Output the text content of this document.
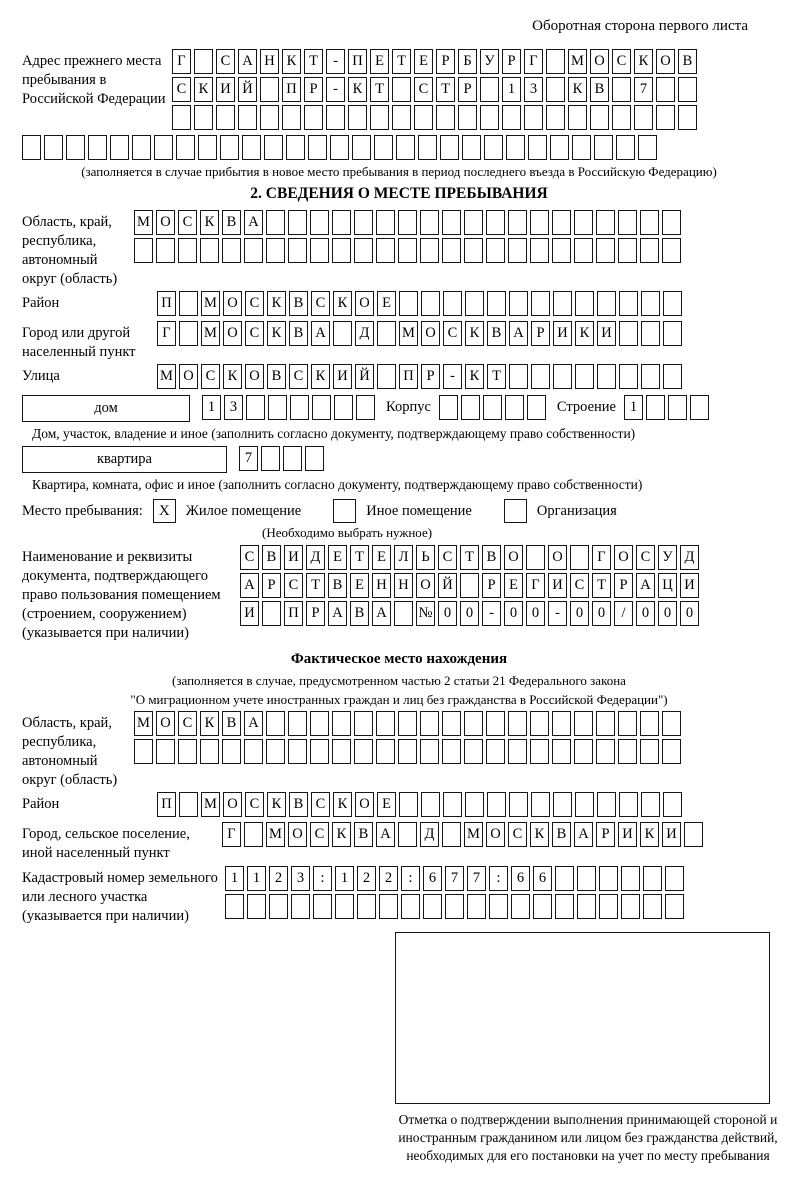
Оборотная сторона первого листа
Адрес прежнего места пребывания в Российской Федерации
Г	С А Н К Т	- П Е Т Е Р Б У Р Г	М О С К О В
С К И Й П Р	-	К Т	С Т Р	1	3	К В	7
(заполняется в случае прибытия в новое место пребывания в период последнего въезда в Российскую Федерацию)
2. СВЕДЕНИЯ О МЕСТЕ ПРЕБЫВАНИЯ
Область, край, республика, автономный округ (область)
М О С К В А
Район	П М О С К В С К О Е
Город или другой населенный пункт
Г	М О С К В А	Д	М О С К В А Р И К И
Улица	М О С К О В С К И Й П Р	-	К Т
дом	1	3	Корпус	Строение 1
Дом, участок, владение и иное (заполнить согласно документу, подтверждающему право собственности)
квартира	7
Квартира, комната, офис и иное (заполнить согласно документу, подтверждающему право собственности)
Место пребывания:	X	Жилое помещение	Иное помещение	Организация
(Необходимо выбрать нужное)
Наименование и реквизиты документа, подтверждающего право пользования помещением (строением, сооружением) (указывается при наличии)
С В И Д Е Т Е Л Ь С Т В О О	Г О С У Д
А Р С Т В Е Н Н О Й	Р Е Г И С Т Р А Ц И
И П Р А В А № 0	0	-	0	0	-	0	0	/	0	0	0
Фактическое место нахождения
(заполняется в случае, предусмотренном частью 2 статьи 21 Федерального закона
"О миграционном учете иностранных граждан и лиц без гражданства в Российской Федерации")
Область, край, республика, автономный округ (область)
М О С К В А
Район	П М О С К В С К О Е
Город, сельское поселение, иной населенный пункт
Г	М О С К В А	Д	М О С К В А Р И К И
Кадастровый номер земельного или лесного участка (указывается при наличии)
1	1	2	3	:	1	2	2	:	6	7	7	:	6	6
Отметка о подтверждении выполнения принимающей стороной и иностранным гражданином или лицом без гражданства действий, необходимых для его постановки на учет по месту пребывания
